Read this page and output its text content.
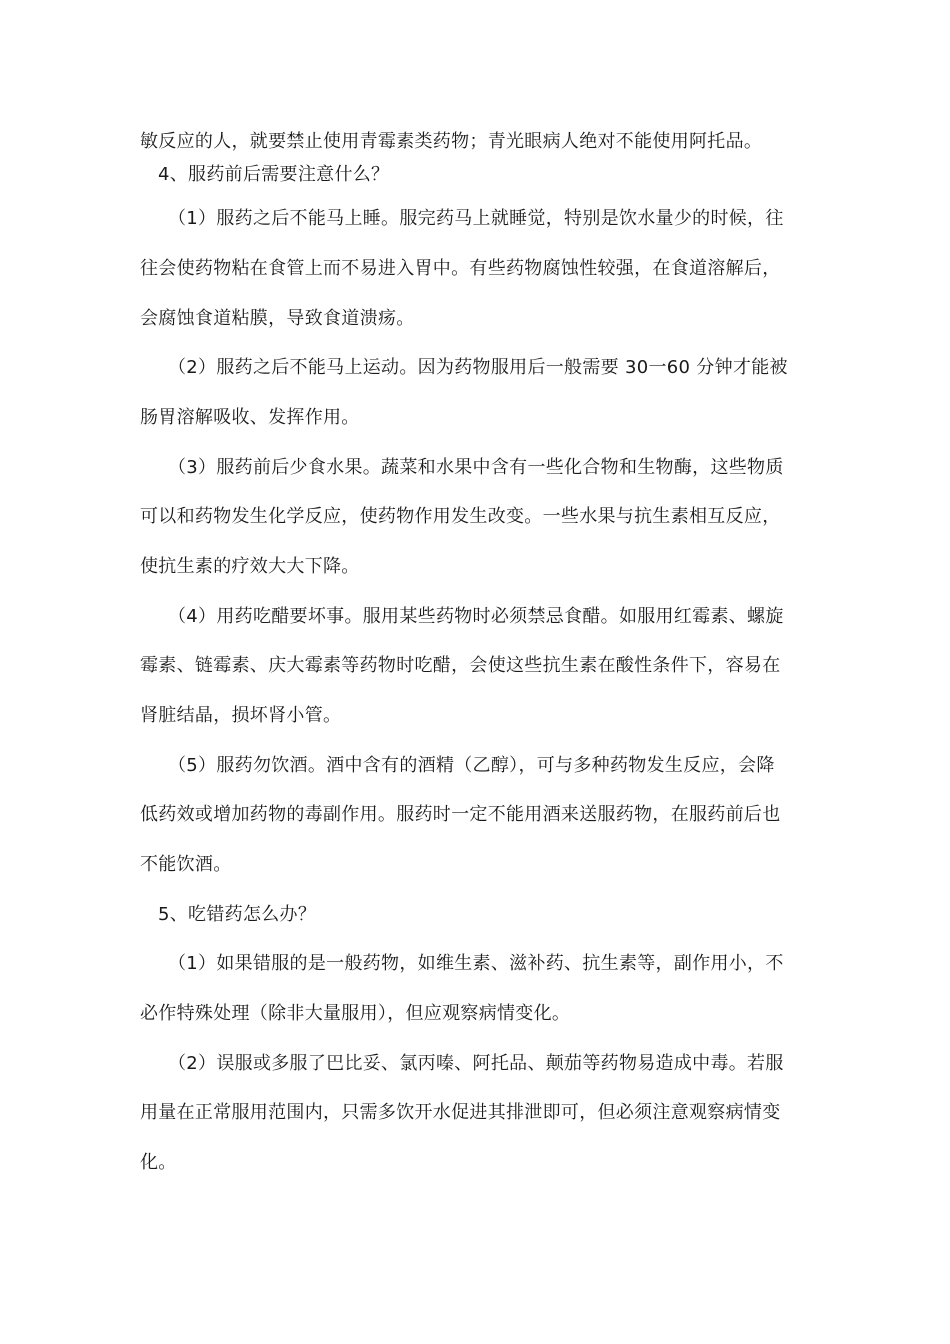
敏反应的人，就要禁止使用青霉素类药物；青光眼病人绝对不能使用阿托品。
4、服药前后需要注意什么？
（1）服药之后不能马上睡。服完药马上就睡觉，特别是饮水量少的时候，往
往会使药物粘在食管上而不易进入胃中。有些药物腐蚀性较强，在食道溶解后，
会腐蚀食道粘膜，导致食道溃疡。
（2）服药之后不能马上运动。因为药物服用后一般需要 30一60 分钟才能被
肠胃溶解吸收、发挥作用。
（3）服药前后少食水果。蔬菜和水果中含有一些化合物和生物酶，这些物质
可以和药物发生化学反应，使药物作用发生改变。一些水果与抗生素相互反应，
使抗生素的疗效大大下降。
（4）用药吃醋要坏事。服用某些药物时必须禁忌食醋。如服用红霉素、螺旋
霉素、链霉素、庆大霉素等药物时吃醋，会使这些抗生素在酸性条件下，容易在
肾脏结晶，损坏肾小管。
（5）服药勿饮酒。酒中含有的酒精（乙醇），可与多种药物发生反应，会降
低药效或增加药物的毒副作用。服药时一定不能用酒来送服药物，在服药前后也
不能饮酒。
5、吃错药怎么办？
（1）如果错服的是一般药物，如维生素、滋补药、抗生素等，副作用小，不
必作特殊处理（除非大量服用），但应观察病情变化。
（2）误服或多服了巴比妥、氯丙嗪、阿托品、颠茄等药物易造成中毒。若服
用量在正常服用范围内，只需多饮开水促进其排泄即可，但必须注意观察病情变
化。
